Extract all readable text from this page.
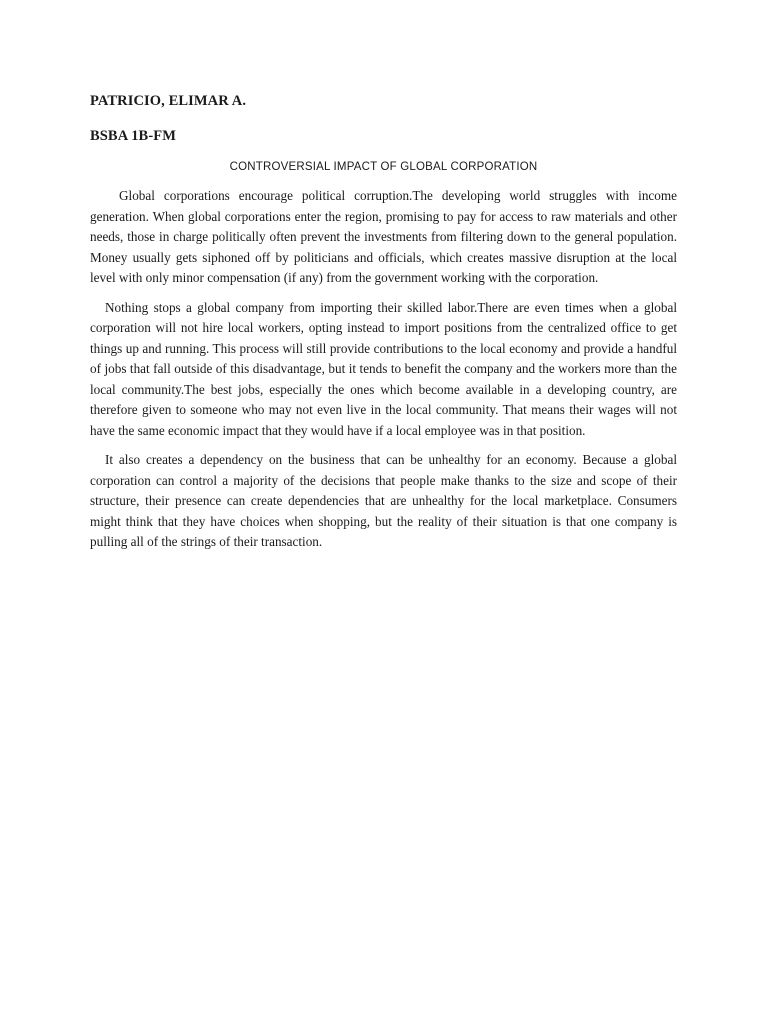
PATRICIO, ELIMAR A.

BSBA 1B-FM

CONTROVERSIAL IMPACT OF GLOBAL CORPORATION

Global corporations encourage political corruption.The developing world struggles with income generation. When global corporations enter the region, promising to pay for access to raw materials and other needs, those in charge politically often prevent the investments from filtering down to the general population. Money usually gets siphoned off by politicians and officials, which creates massive disruption at the local level with only minor compensation (if any) from the government working with the corporation.

Nothing stops a global company from importing their skilled labor.There are even times when a global corporation will not hire local workers, opting instead to import positions from the centralized office to get things up and running. This process will still provide contributions to the local economy and provide a handful of jobs that fall outside of this disadvantage, but it tends to benefit the company and the workers more than the local community.The best jobs, especially the ones which become available in a developing country, are therefore given to someone who may not even live in the local community. That means their wages will not have the same economic impact that they would have if a local employee was in that position.

It also creates a dependency on the business that can be unhealthy for an economy. Because a global corporation can control a majority of the decisions that people make thanks to the size and scope of their structure, their presence can create dependencies that are unhealthy for the local marketplace. Consumers might think that they have choices when shopping, but the reality of their situation is that one company is pulling all of the strings of their transaction.
